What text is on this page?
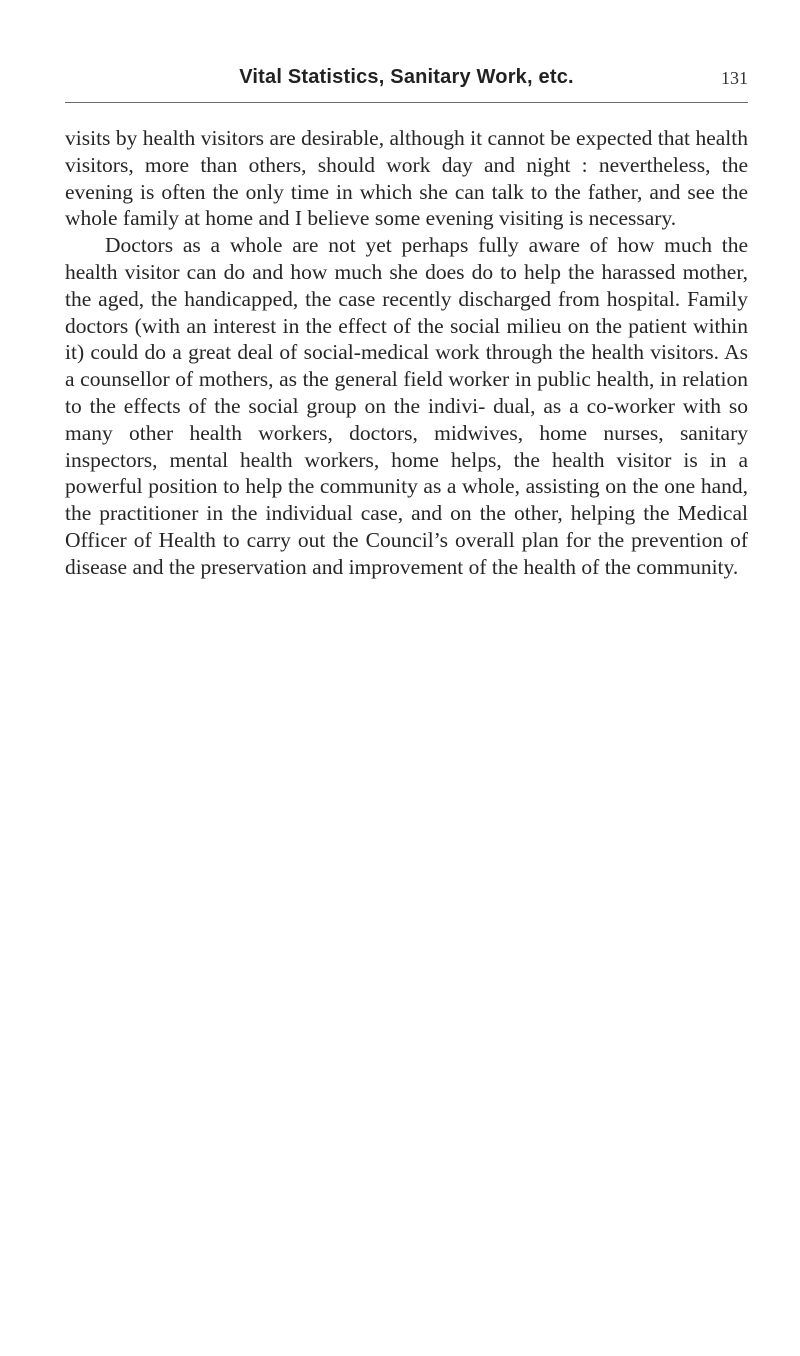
Vital Statistics, Sanitary Work, etc.	131

visits by health visitors are desirable, although it cannot be expected that health visitors, more than others, should work day and night : nevertheless, the evening is often the only time in which she can talk to the father, and see the whole family at home and I believe some evening visiting is necessary.

Doctors as a whole are not yet perhaps fully aware of how much the health visitor can do and how much she does do to help the harassed mother, the aged, the handicapped, the case recently discharged from hospital. Family doctors (with an interest in the effect of the social milieu on the patient within it) could do a great deal of social-medical work through the health visitors. As a counsellor of mothers, as the general field worker in public health, in relation to the effects of the social group on the indivi- dual, as a co-worker with so many other health workers, doctors, midwives, home nurses, sanitary inspectors, mental health workers, home helps, the health visitor is in a powerful position to help the community as a whole, assisting on the one hand, the practitioner in the individual case, and on the other, helping the Medical Officer of Health to carry out the Council’s overall plan for the prevention of disease and the preservation and improvement of the health of the community.
